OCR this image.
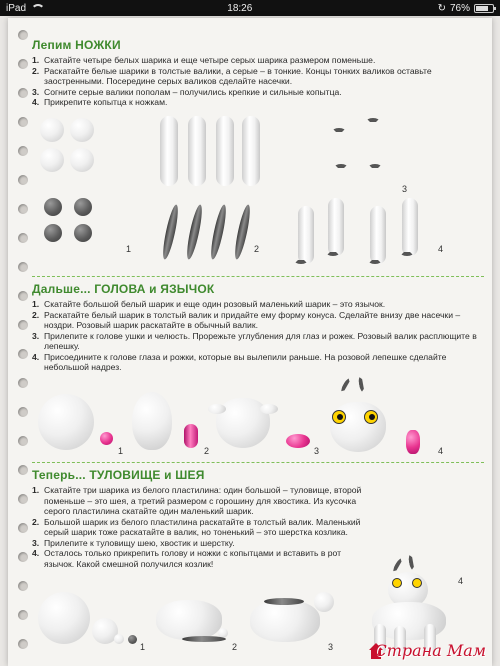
iPad	18:26	↻ 76%
Лепим НОЖКИ
1. Скатайте четыре белых шарика и еще четыре серых шарика размером поменьше.
2. Раскатайте белые шарики в толстые валики, а серые – в тонкие. Концы тонких валиков оставьте заостренными. Посередине серых валиков сделайте насечки.
3. Согните серые валики пополам – получились крепкие и сильные копытца.
4. Прикрепите копытца к ножкам.
1	2
3
4
Дальше... ГОЛОВА и ЯЗЫЧОК
1. Скатайте большой белый шарик и еще один розовый маленький шарик – это язычок.
2. Раскатайте белый шарик в толстый валик и придайте ему форму конуса. Сделайте внизу две насечки – ноздри. Розовый шарик раскатайте в обычный валик.
3. Прилепите к голове ушки и челюсть. Прорежьте углубления для глаз и рожек. Розовый валик расплющите в лепешку.
4. Присоедините к голове глаза и рожки, которые вы вылепили раньше. На розовой лепешке сделайте небольшой надрез.
1	2	3	4
Теперь... ТУЛОВИЩЕ и ШЕЯ
1. Скатайте три шарика из белого пластилина: один большой – туловище, второй поменьше – это шея, а третий размером с горошину для хвостика. Из кусочка серого пластилина скатайте один маленький шарик.
2. Большой шарик из белого пластилина раскатайте в толстый валик. Маленький серый шарик тоже раскатайте в валик, но тоненький – это шерстка козлика.
3. Прилепите к туловищу шею, хвостик и шерстку.
4. Осталось только прикрепить голову и ножки с копытцами и вставить в рот язычок. Какой смешной получился козлик!
1	2	3
4
Страна Мам
